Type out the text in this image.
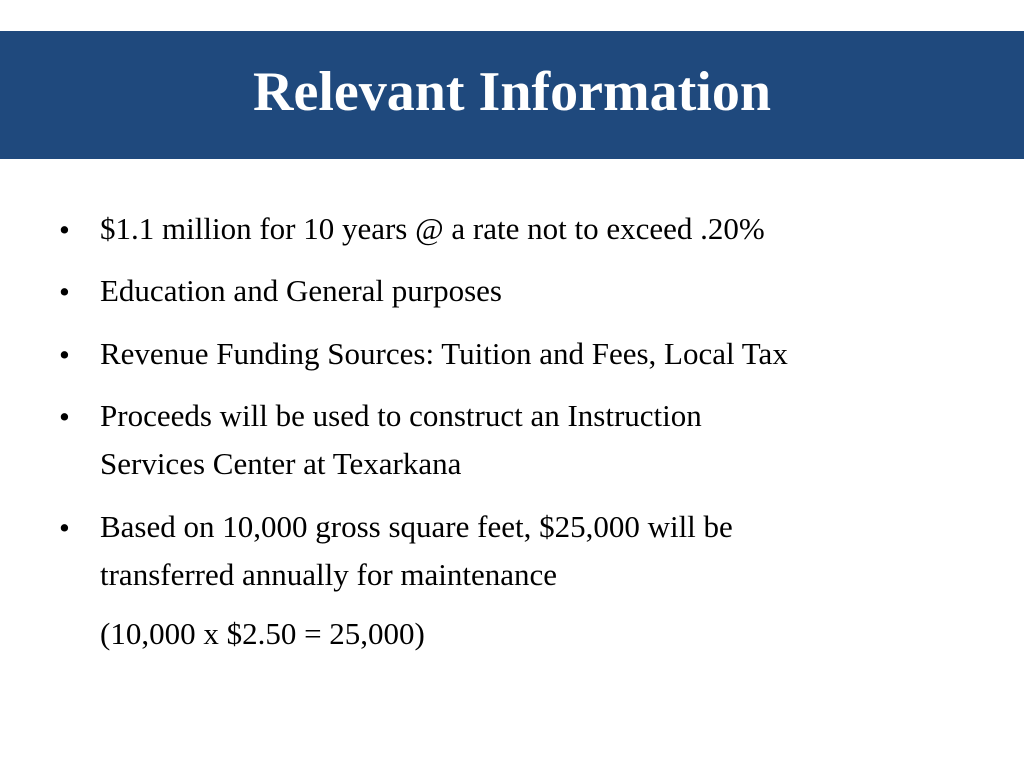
Relevant Information
• $1.1 million for 10 years @ a rate not to exceed .20%
• Education and General purposes
• Revenue Funding Sources: Tuition and Fees, Local Tax
• Proceeds will be used to construct an Instruction
Services Center at Texarkana
• Based on 10,000 gross square feet, $25,000 will be
transferred annually for maintenance
(10,000 x $2.50 = 25,000)
